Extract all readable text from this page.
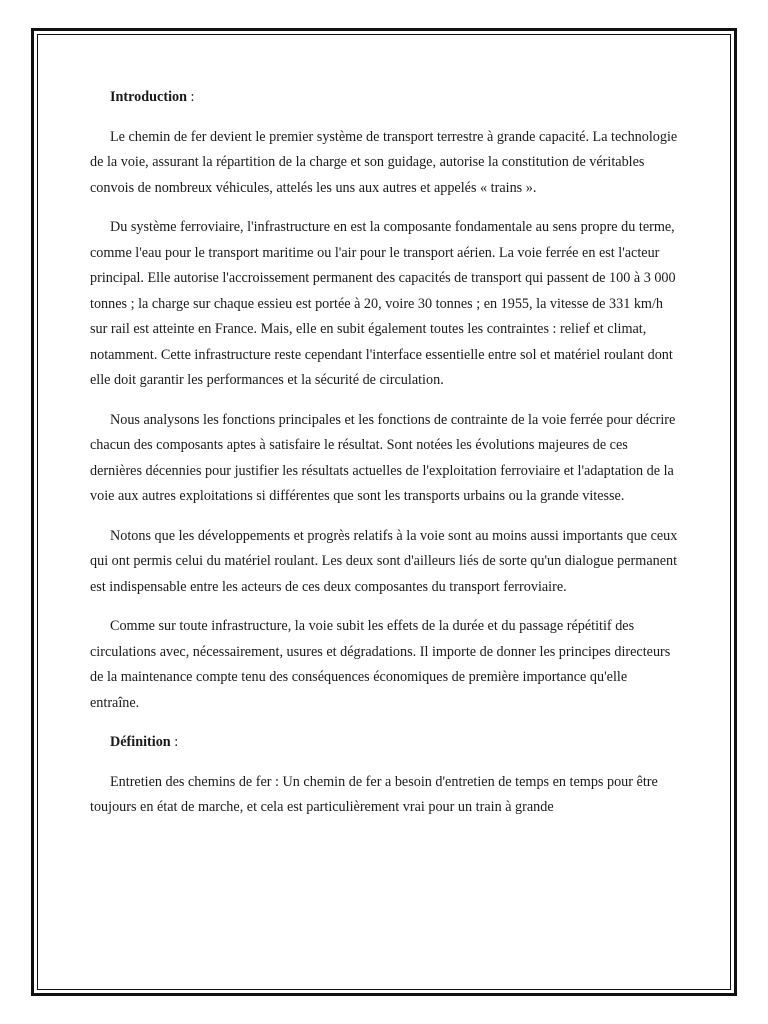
Introduction :

Le chemin de fer devient le premier système de transport terrestre à grande capacité. La technologie de la voie, assurant la répartition de la charge et son guidage, autorise la constitution de véritables convois de nombreux véhicules, attelés les uns aux autres et appelés « trains ».

Du système ferroviaire, l'infrastructure en est la composante fondamentale au sens propre du terme, comme l'eau pour le transport maritime ou l'air pour le transport aérien. La voie ferrée en est l'acteur principal. Elle autorise l'accroissement permanent des capacités de transport qui passent de 100 à 3 000 tonnes ; la charge sur chaque essieu est portée à 20, voire 30 tonnes ; en 1955, la vitesse de 331 km/h sur rail est atteinte en France. Mais, elle en subit également toutes les contraintes : relief et climat, notamment. Cette infrastructure reste cependant l'interface essentielle entre sol et matériel roulant dont elle doit garantir les performances et la sécurité de circulation.

Nous analysons les fonctions principales et les fonctions de contrainte de la voie ferrée pour décrire chacun des composants aptes à satisfaire le résultat. Sont notées les évolutions majeures de ces dernières décennies pour justifier les résultats actuelles de l'exploitation ferroviaire et l'adaptation de la voie aux autres exploitations si différentes que sont les transports urbains ou la grande vitesse.

Notons que les développements et progrès relatifs à la voie sont au moins aussi importants que ceux qui ont permis celui du matériel roulant. Les deux sont d'ailleurs liés de sorte qu'un dialogue permanent est indispensable entre les acteurs de ces deux composantes du transport ferroviaire.

Comme sur toute infrastructure, la voie subit les effets de la durée et du passage répétitif des circulations avec, nécessairement, usures et dégradations. Il importe de donner les principes directeurs de la maintenance compte tenu des conséquences économiques de première importance qu'elle entraîne.

Définition :

Entretien des chemins de fer : Un chemin de fer a besoin d'entretien de temps en temps pour être toujours en état de marche, et cela est particulièrement vrai pour un train à grande
